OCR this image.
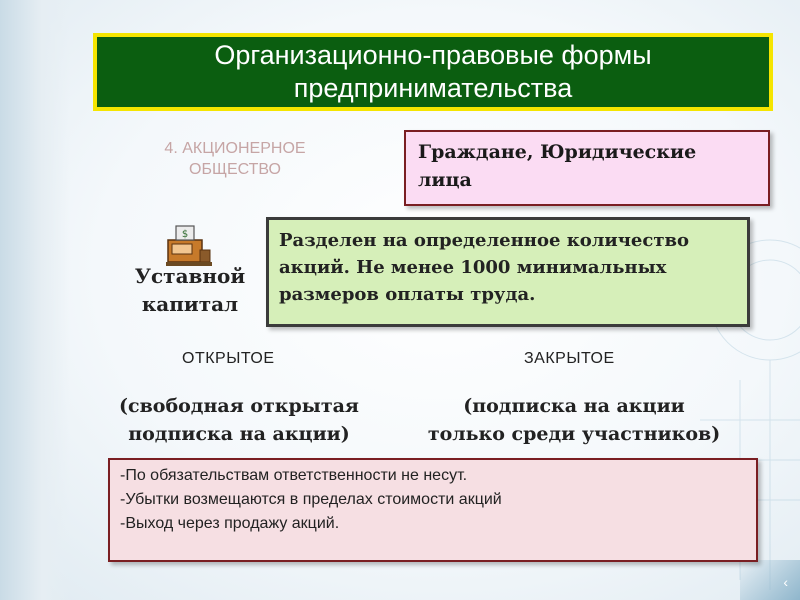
‹
Организационно-правовые формы
предпринимательства
4. АКЦИОНЕРНОЕ
ОБЩЕСТВО
Граждане, Юридические
лица
$
Уставной
капитал
Разделен на определенное количество
акций. Не менее 1000 минимальных
размеров оплаты труда.
ОТКРЫТОЕ	ЗАКРЫТОЕ
(свободная открытая
подписка на акции)
(подписка на акции
только среди участников)
-По обязательствам ответственности не несут.
-Убытки возмещаются в пределах стоимости акций
-Выход через продажу акций.
